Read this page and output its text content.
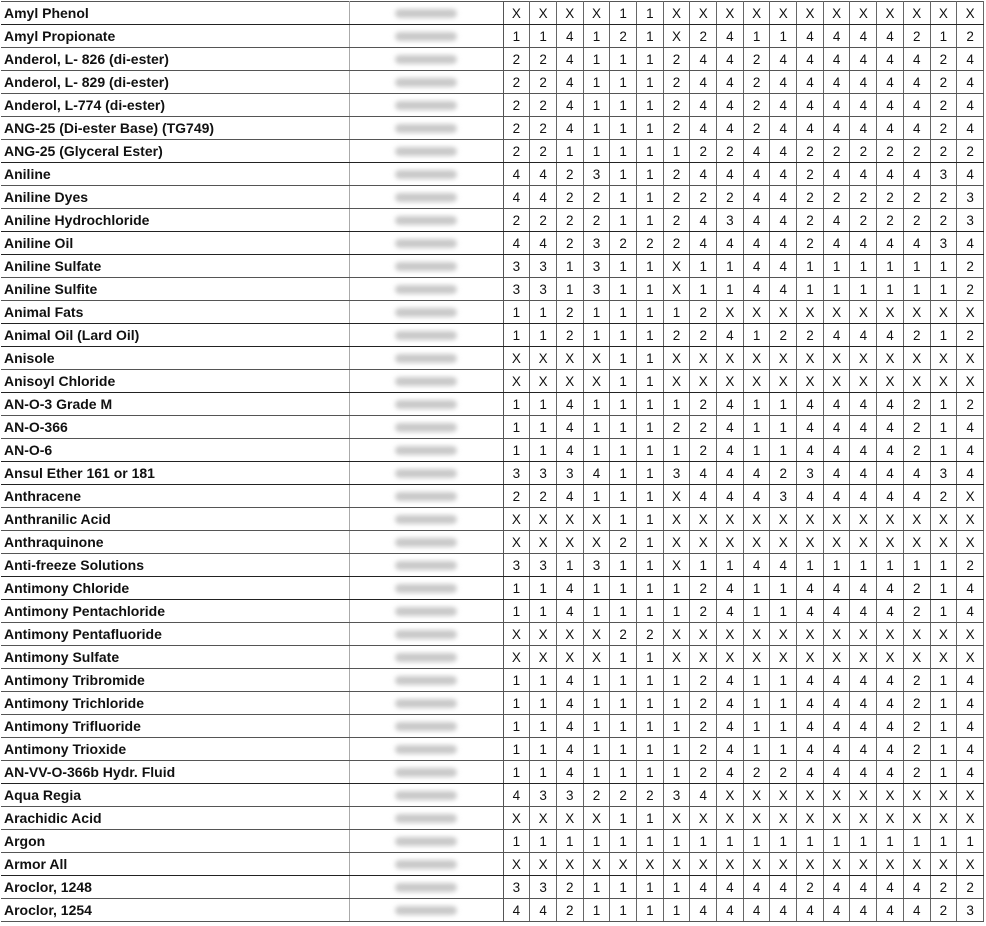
Amyl Phenol		X	X	X	X	1	1	X	X	X	X	X	X	X	X	X	X	X	X
Amyl Propionate		1	1	4	1	2	1	X	2	4	1	1	4	4	4	4	2	1	2
Anderol, L- 826 (di-ester)		2	2	4	1	1	1	2	4	4	2	4	4	4	4	4	4	2	4
Anderol, L- 829 (di-ester)		2	2	4	1	1	1	2	4	4	2	4	4	4	4	4	4	2	4
Anderol, L-774 (di-ester)		2	2	4	1	1	1	2	4	4	2	4	4	4	4	4	4	2	4
ANG-25 (Di-ester Base) (TG749)		2	2	4	1	1	1	2	4	4	2	4	4	4	4	4	4	2	4
ANG-25 (Glyceral Ester)		2	2	1	1	1	1	1	2	2	4	4	2	2	2	2	2	2	2
Aniline		4	4	2	3	1	1	2	4	4	4	4	2	4	4	4	4	3	4
Aniline Dyes		4	4	2	2	1	1	2	2	2	4	4	2	2	2	2	2	2	3
Aniline Hydrochloride		2	2	2	2	1	1	2	4	3	4	4	2	4	2	2	2	2	3
Aniline Oil		4	4	2	3	2	2	2	4	4	4	4	2	4	4	4	4	3	4
Aniline Sulfate		3	3	1	3	1	1	X	1	1	4	4	1	1	1	1	1	1	2
Aniline Sulfite		3	3	1	3	1	1	X	1	1	4	4	1	1	1	1	1	1	2
Animal Fats		1	1	2	1	1	1	1	2	X	X	X	X	X	X	X	X	X	X
Animal Oil (Lard Oil)		1	1	2	1	1	1	2	2	4	1	2	2	4	4	4	2	1	2
Anisole		X	X	X	X	1	1	X	X	X	X	X	X	X	X	X	X	X	X
Anisoyl Chloride		X	X	X	X	1	1	X	X	X	X	X	X	X	X	X	X	X	X
AN-O-3 Grade M		1	1	4	1	1	1	1	2	4	1	1	4	4	4	4	2	1	2
AN-O-366		1	1	4	1	1	1	2	2	4	1	1	4	4	4	4	2	1	4
AN-O-6		1	1	4	1	1	1	1	2	4	1	1	4	4	4	4	2	1	4
Ansul Ether 161 or 181		3	3	3	4	1	1	3	4	4	4	2	3	4	4	4	4	3	4
Anthracene		2	2	4	1	1	1	X	4	4	4	3	4	4	4	4	4	2	X
Anthranilic Acid		X	X	X	X	1	1	X	X	X	X	X	X	X	X	X	X	X	X
Anthraquinone		X	X	X	X	2	1	X	X	X	X	X	X	X	X	X	X	X	X
Anti-freeze Solutions		3	3	1	3	1	1	X	1	1	4	4	1	1	1	1	1	1	2
Antimony Chloride		1	1	4	1	1	1	1	2	4	1	1	4	4	4	4	2	1	4
Antimony Pentachloride		1	1	4	1	1	1	1	2	4	1	1	4	4	4	4	2	1	4
Antimony Pentafluoride		X	X	X	X	2	2	X	X	X	X	X	X	X	X	X	X	X	X
Antimony Sulfate		X	X	X	X	1	1	X	X	X	X	X	X	X	X	X	X	X	X
Antimony Tribromide		1	1	4	1	1	1	1	2	4	1	1	4	4	4	4	2	1	4
Antimony Trichloride		1	1	4	1	1	1	1	2	4	1	1	4	4	4	4	2	1	4
Antimony Trifluoride		1	1	4	1	1	1	1	2	4	1	1	4	4	4	4	2	1	4
Antimony Trioxide		1	1	4	1	1	1	1	2	4	1	1	4	4	4	4	2	1	4
AN-VV-O-366b Hydr. Fluid		1	1	4	1	1	1	1	2	4	2	2	4	4	4	4	2	1	4
Aqua Regia		4	3	3	2	2	2	3	4	X	X	X	X	X	X	X	X	X	X
Arachidic Acid		X	X	X	X	1	1	X	X	X	X	X	X	X	X	X	X	X	X
Argon		1	1	1	1	1	1	1	1	1	1	1	1	1	1	1	1	1	1
Armor All		X	X	X	X	X	X	X	X	X	X	X	X	X	X	X	X	X	X
Aroclor, 1248		3	3	2	1	1	1	1	4	4	4	4	2	4	4	4	4	2	2
Aroclor, 1254		4	4	2	1	1	1	1	4	4	4	4	4	4	4	4	4	2	3
